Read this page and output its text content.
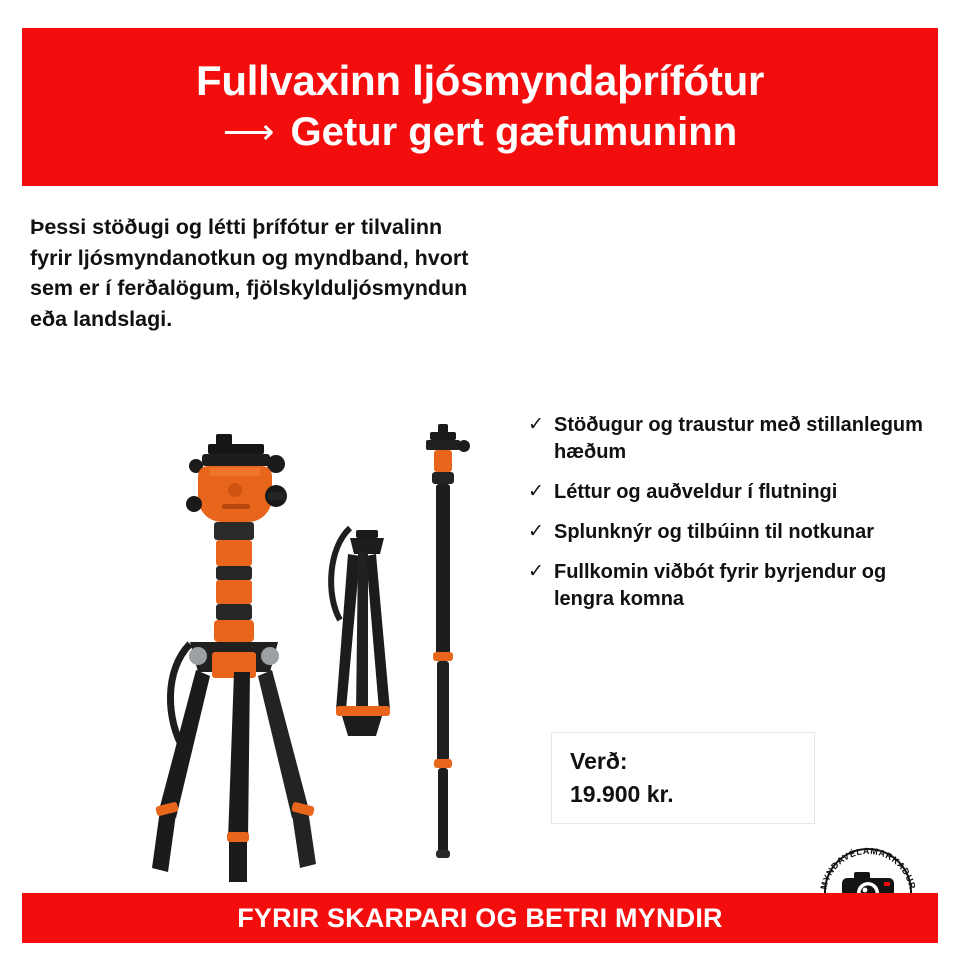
Fullvaxinn ljósmyndaþrífótur
⟶ Getur gert gæfumuninn
Þessi stöðugi og létti þrífótur er tilvalinn fyrir ljósmyndanotkun og myndband, hvort sem er í ferðalögum, fjölskylduljósmyndun eða landslagi.
✓ Stöðugur og traustur með stillanlegum hæðum
✓ Léttur og auðveldur í flutningi
✓ Splunknýr og tilbúinn til notkunar
✓ Fullkomin viðbót fyrir byrjendur og lengra komna
Verð:
19.900 kr.
MYNDAVÉLAMARKAÐUR
FYRIR SKARPARI OG BETRI MYNDIR
